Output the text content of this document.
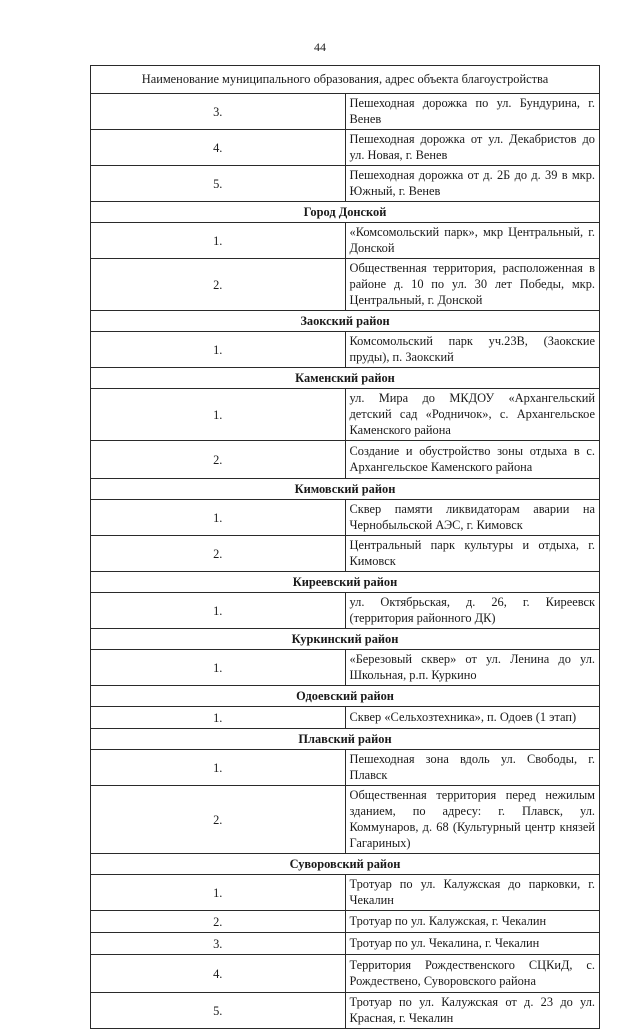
44
Наименование муниципального образования, адрес объекта благоустройства	
3.	Пешеходная дорожка по ул. Бундурина, г. Венев
4.	Пешеходная дорожка от ул. Декабристов до ул. Новая, г. Венев
5.	Пешеходная дорожка от д. 2Б до д. 39 в мкр. Южный, г. Венев
Город Донской	
1.	«Комсомольский парк», мкр Центральный, г. Донской
2.	Общественная территория, расположенная в районе д. 10 по ул. 30 лет Победы, мкр. Центральный, г. Донской
Заокский район	
1.	Комсомольский парк уч.23В, (Заокские пруды), п. Заокский
Каменский район	
1.	ул. Мира до МКДОУ «Архангельский детский сад «Родничок», с. Архангельское Каменского района
2.	Создание и обустройство зоны отдыха в с. Архангельское Каменского района
Кимовский район	
1.	Сквер памяти ликвидаторам аварии на Чернобыльской АЭС, г. Кимовск
2.	Центральный парк культуры и отдыха, г. Кимовск
Киреевский район	
1.	ул. Октябрьская, д. 26, г. Киреевск (территория районного ДК)
Куркинский район	
1.	«Березовый сквер» от ул. Ленина до ул. Школьная, р.п. Куркино
Одоевский район	
1.	Сквер «Сельхозтехника», п. Одоев (1 этап)
Плавский район	
1.	Пешеходная зона вдоль ул. Свободы, г. Плавск
2.	Общественная территория перед нежилым зданием, по адресу: г. Плавск, ул. Коммунаров, д. 68 (Культурный центр князей Гагариных)
Суворовский район	
1.	Тротуар по ул. Калужская до парковки, г. Чекалин
2.	Тротуар по ул. Калужская, г. Чекалин
3.	Тротуар по ул. Чекалина, г. Чекалин
4.	Территория Рождественского СЦКиД, с. Рождествено, Суворовского района
5.	Тротуар по ул. Калужская от д. 23 до ул. Красная, г. Чекалин
